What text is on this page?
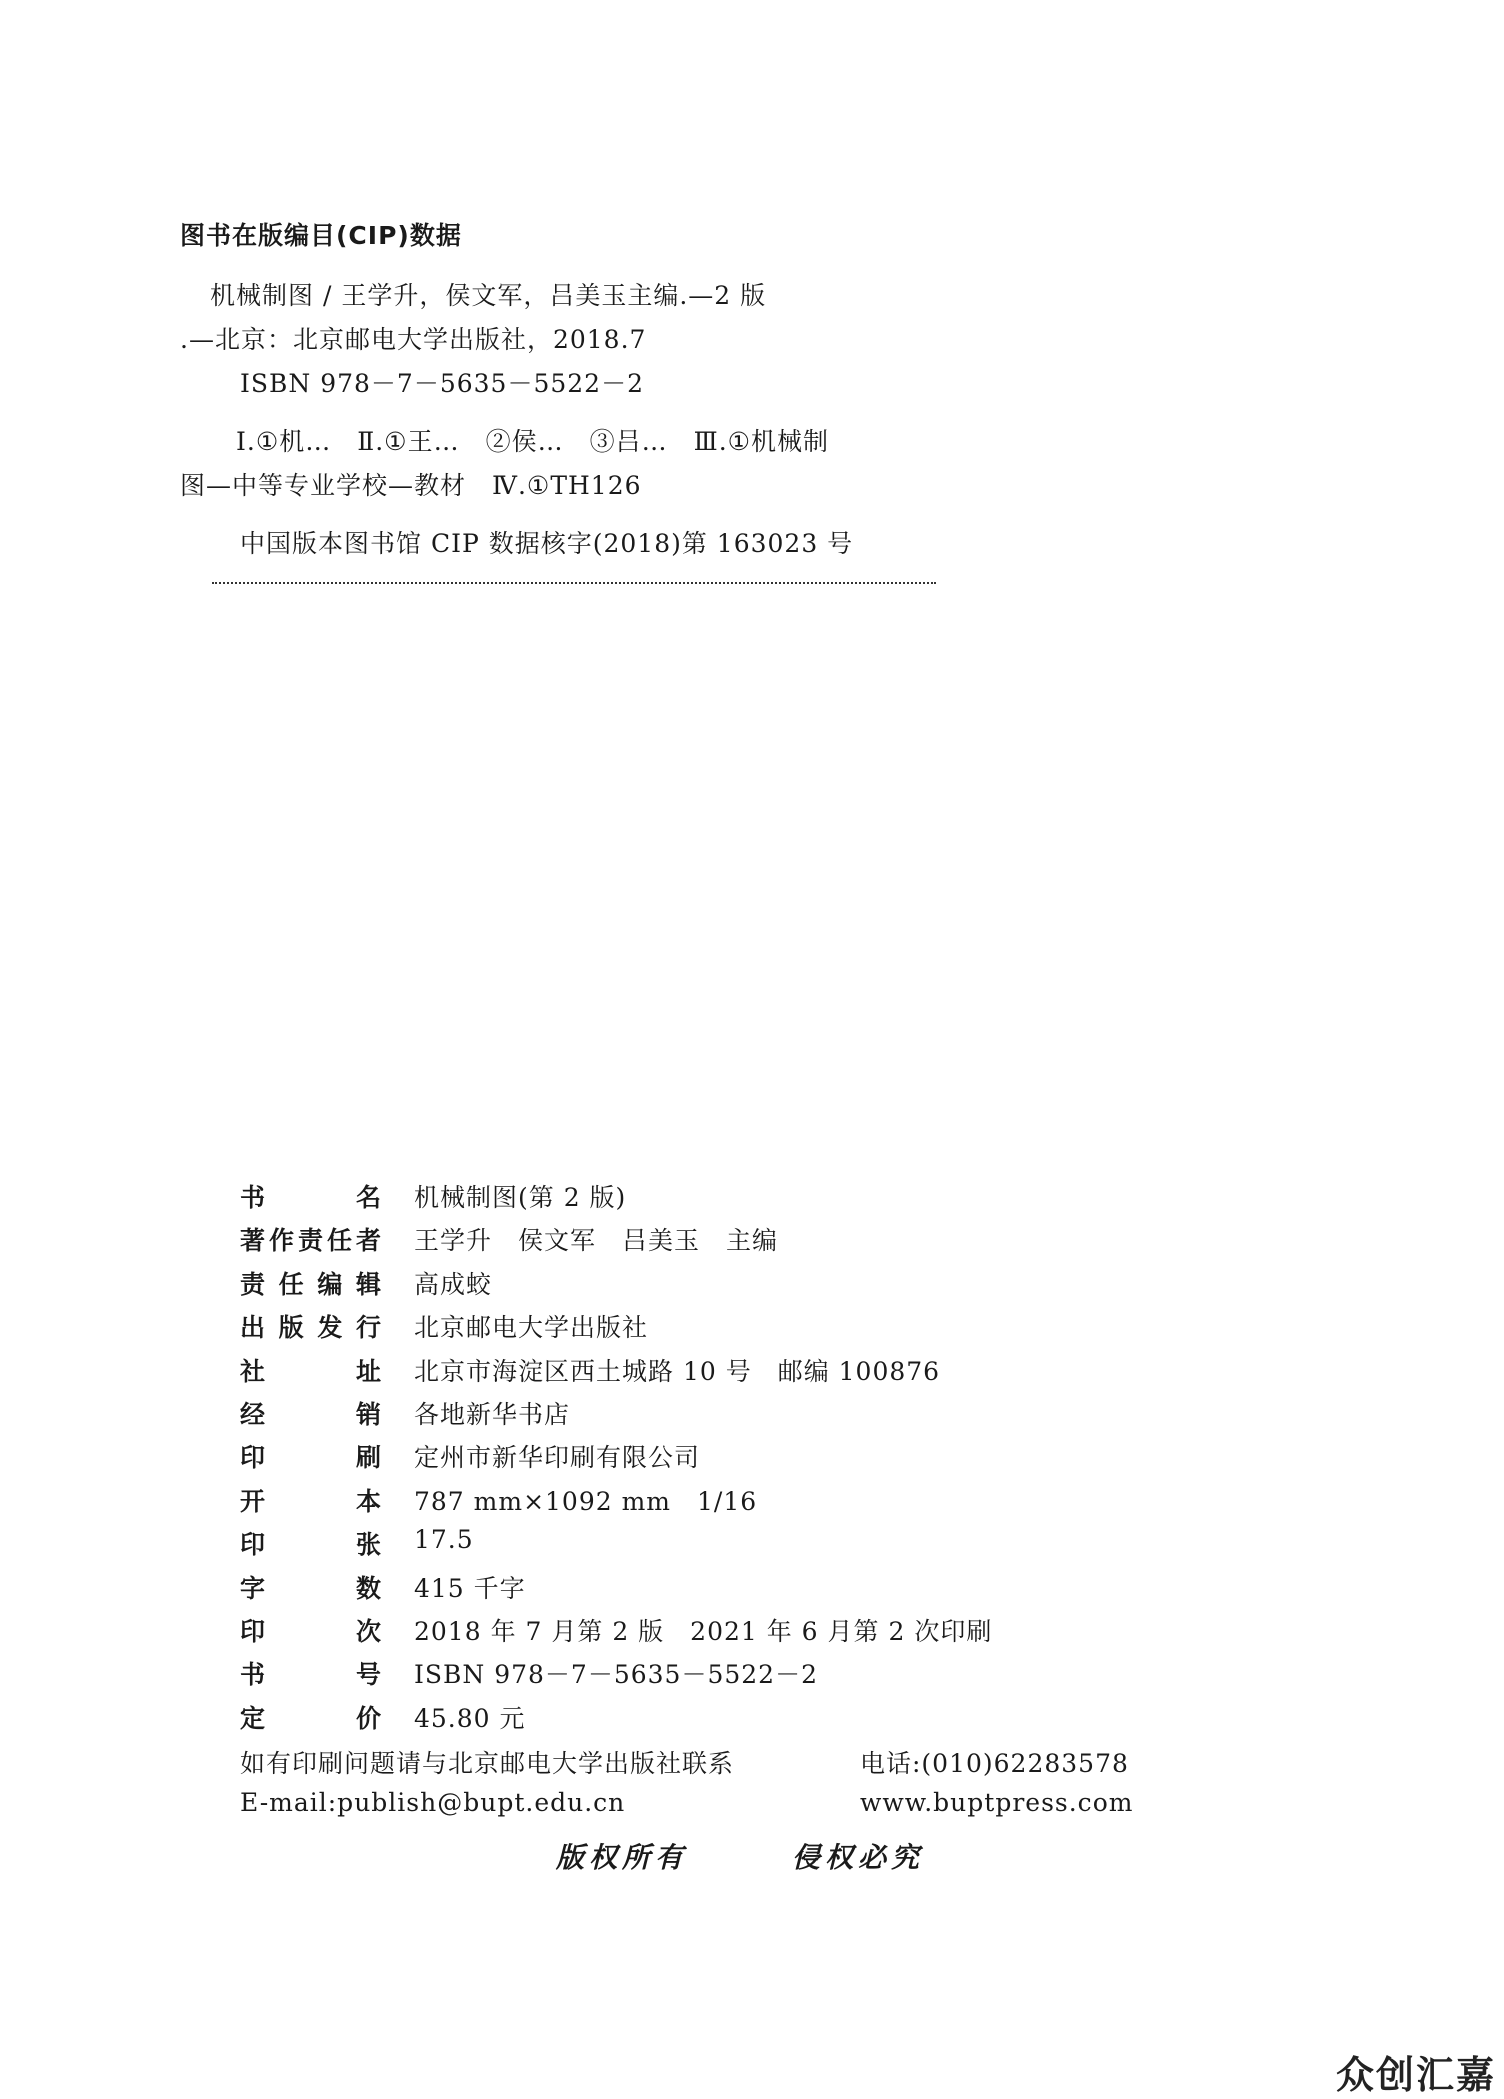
图书在版编目(CIP)数据
机械制图 / 王学升，侯文军，吕美玉主编.—2 版
.—北京：北京邮电大学出版社，2018.7
ISBN 978－7－5635－5522－2
Ⅰ.①机…　Ⅱ.①王…　②侯…　③吕…　Ⅲ.①机械制
图—中等专业学校—教材　Ⅳ.①TH126
中国版本图书馆 CIP 数据核字(2018)第 163023 号
书	名 机械制图(第 2 版)
著 作 责 任 者 王学升　侯文军　吕美玉　主编
责 任 编 辑 高成蛟
出 版 发 行 北京邮电大学出版社
社	址 北京市海淀区西土城路 10 号　邮编 100876
经	销 各地新华书店
印	刷 定州市新华印刷有限公司
开	本 787 mm×1092 mm　1/16
印	张 17.5
字	数 415 千字
印	次 2018 年 7 月第 2 版　2021 年 6 月第 2 次印刷
书	号 ISBN 978－7－5635－5522－2
定	价 45.80 元
如有印刷问题请与北京邮电大学出版社联系	电话:(010)62283578
E-mail:publish@bupt.edu.cn	www.buptpress.com
版权所有	侵权必究
众创汇嘉
